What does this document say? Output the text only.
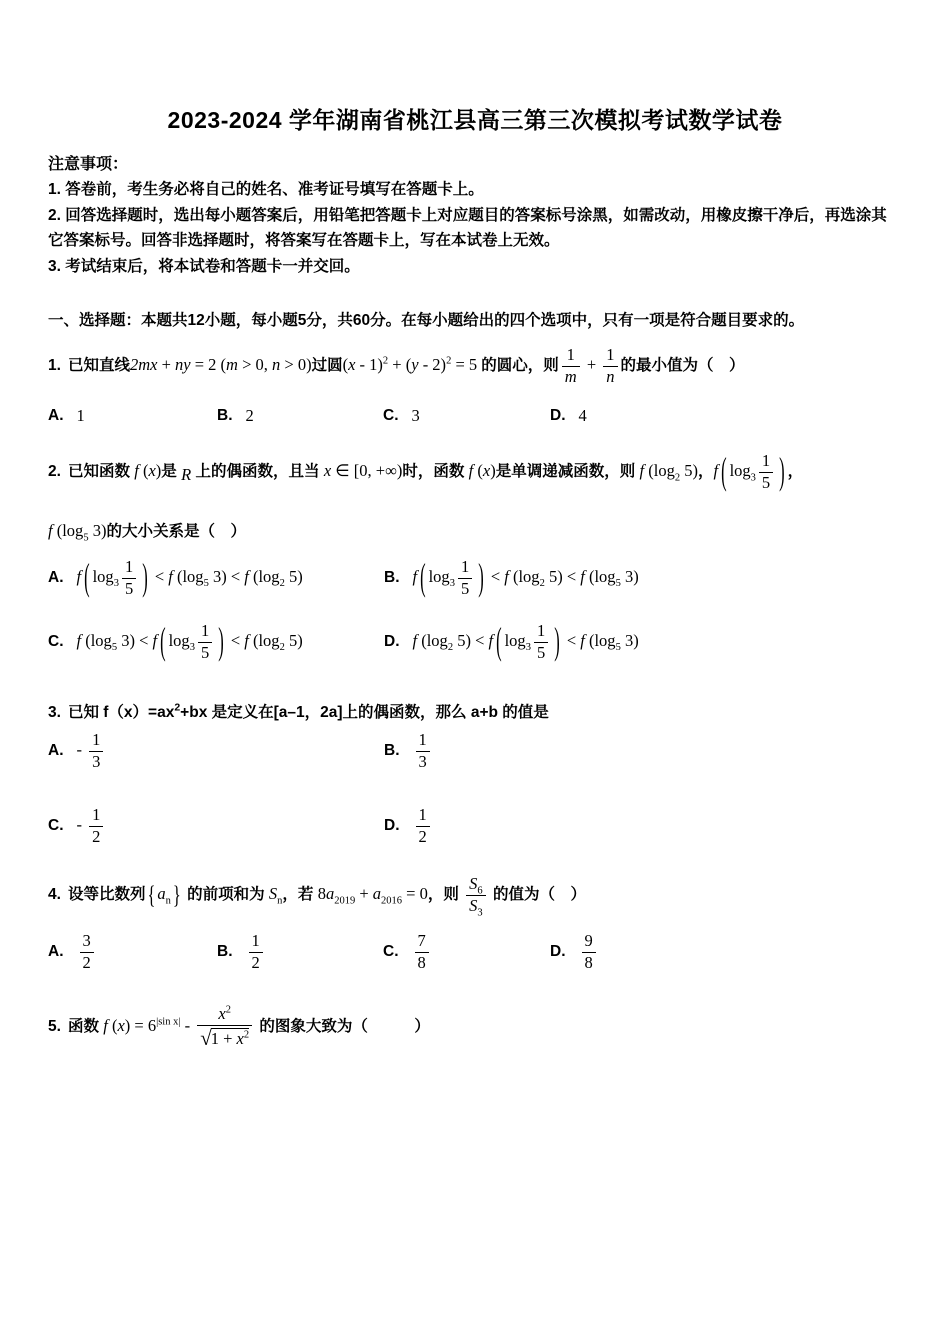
2023-2024 学年湖南省桃江县高三第三次模拟考试数学试卷
注意事项：
1. 答卷前，考生务必将自己的姓名、准考证号填写在答题卡上。
2. 回答选择题时，选出每小题答案后，用铅笔把答题卡上对应题目的答案标号涂黑，如需改动，用橡皮擦干净后，再选涂其它答案标号。回答非选择题时，将答案写在答题卡上，写在本试卷上无效。
3. 考试结束后，将本试卷和答题卡一并交回。
一、选择题：本题共12小题，每小题5分，共60分。在每小题给出的四个选项中，只有一项是符合题目要求的。
1. 已知直线2mx + ny = 2 (m > 0, n > 0)过圆(x - 1)$^2$ + (y - 2)$^2$ = 5 的圆心，则 $\frac{1}{m} + \frac{1}{n}$ 的最小值为（　）
A. 1	B. 2	C. 3	D. 4
2. 已知函数 f (x)是 R 上的偶函数，且当 x ∈ [0, +∞)时，函数 f (x)是单调递减函数，则 f ($\log_2$ 5)，f ( $\log_3 \frac{1}{5}$ ) ，
f ($\log_5$ 3)的大小关系是（　）
A. f ( $\log_3 \frac{1}{5}$ ) < f ($\log_5$ 3) < f ($\log_2$ 5)	B. f ( $\log_3 \frac{1}{5}$ ) < f ($\log_2$ 5) < f ($\log_5$ 3)
C. f ($\log_5$ 3) < f ( $\log_3 \frac{1}{5}$ ) < f ($\log_2$ 5)	D. f ($\log_2$ 5) < f ( $\log_3 \frac{1}{5}$ ) < f ($\log_5$ 3)
3. 已知 $f(x)=ax^2+bx$ 是定义在[a–1，2a]上的偶函数，那么 a+b 的值是
A. - $\frac{1}{3}$	B. $\frac{1}{3}$
C. - $\frac{1}{2}$	D. $\frac{1}{2}$
4. 设等比数列 { $a_n$ } 的前项和为 $S_n$，若 $8a_{2019} + a_{2016} = 0$，则 $\frac{S_6}{S_3}$ 的值为（　）
A. $\frac{3}{2}$	B. $\frac{1}{2}$	C. $\frac{7}{8}$	D. $\frac{9}{8}$
5. 函数 f $(x) = 6^{|sin x|} - \frac{x^2}{√ 1 + x^2}$ 的图象大致为（　　　）
